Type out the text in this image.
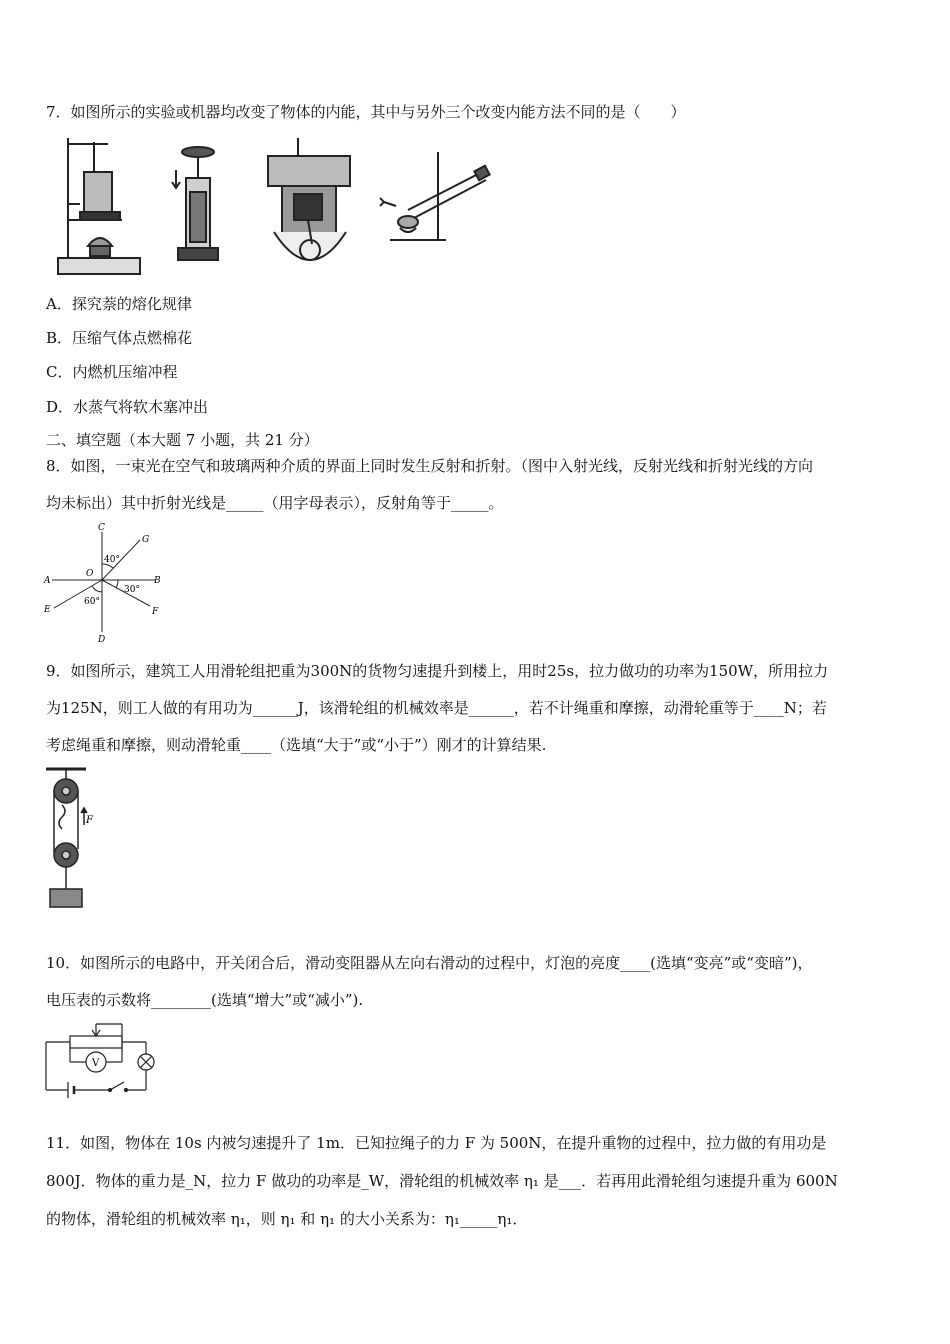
7．如图所示的实验或机器均改变了物体的内能，其中与另外三个改变内能方法不同的是（　　）
A．探究萘的熔化规律
B．压缩气体点燃棉花
C．内燃机压缩冲程
D．水蒸气将软木塞冲出
二、填空题（本大题 7 小题，共 21 分）
8．如图，一束光在空气和玻璃两种介质的界面上同时发生反射和折射。（图中入射光线，反射光线和折射光线的方向
均未标出）其中折射光线是_____（用字母表示），反射角等于_____。
C
G
A
O
B
E	F
D
40°
30°
60°
9．如图所示，建筑工人用滑轮组把重为300N的货物匀速提升到楼上，用时25s，拉力做功的功率为150W，所用拉力
为125N，则工人做的有用功为______J，该滑轮组的机械效率是______，若不计绳重和摩擦，动滑轮重等于____N；若
考虑绳重和摩擦，则动滑轮重____（选填“大于”或“小于”）刚才的计算结果.
F
10．如图所示的电路中，开关闭合后，滑动变阻器从左向右滑动的过程中，灯泡的亮度____(选填“变亮”或“变暗”)，
电压表的示数将________(选填“增大”或“减小”).
V
11．如图，物体在 10s 内被匀速提升了 1m．已知拉绳子的力 F 为 500N，在提升重物的过程中，拉力做的有用功是
800J．物体的重力是_N，拉力 F 做功的功率是_W，滑轮组的机械效率 η₁ 是___．若再用此滑轮组匀速提升重为 600N
的物体，滑轮组的机械效率 η₁，则 η₁ 和 η₁ 的大小关系为：η₁_____η₁．
